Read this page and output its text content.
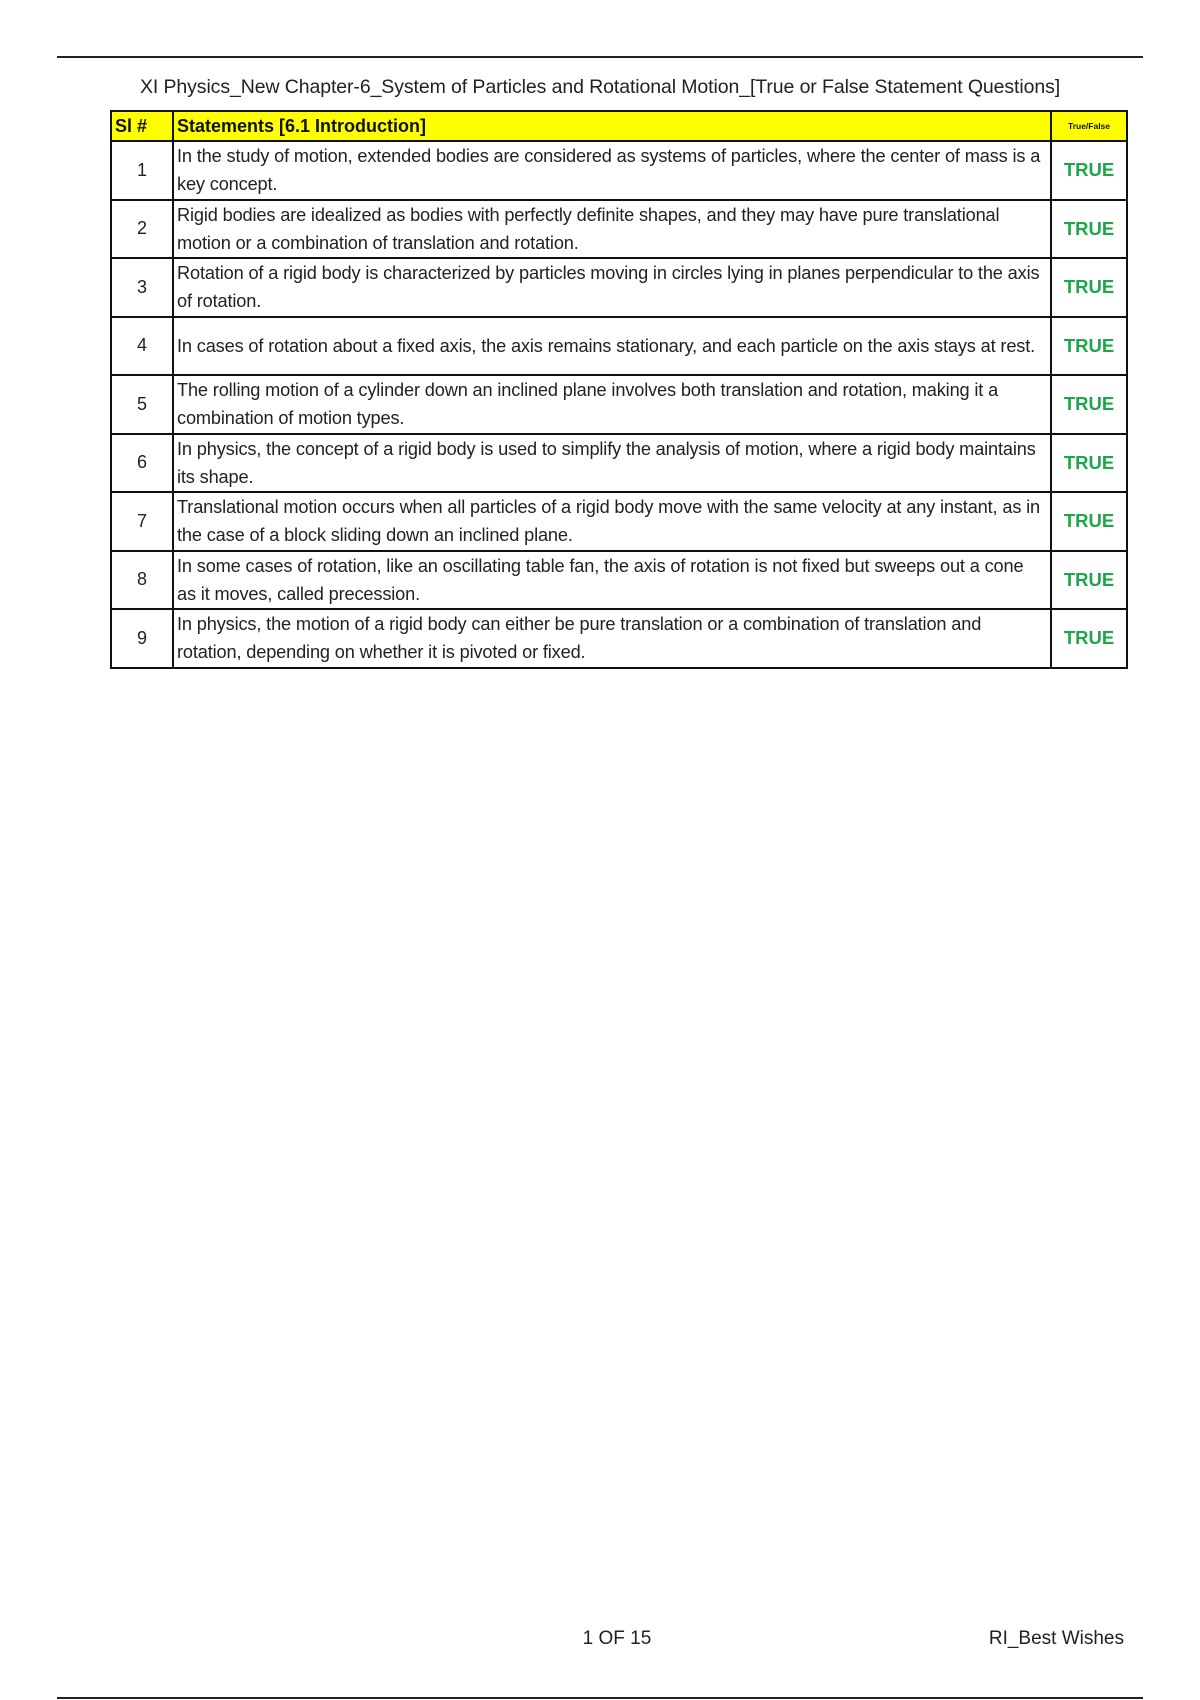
XI Physics_New Chapter-6_System of Particles and Rotational Motion_[True or False Statement Questions]
Sl #	Statements [6.1 Introduction]	True/False
1	In the study of motion, extended bodies are considered as systems of particles, where the center of mass is a key concept.	TRUE
2	Rigid bodies are idealized as bodies with perfectly definite shapes, and they may have pure translational motion or a combination of translation and rotation.	TRUE
3	Rotation of a rigid body is characterized by particles moving in circles lying in planes perpendicular to the axis of rotation.	TRUE
4	In cases of rotation about a fixed axis, the axis remains stationary, and each particle on the axis stays at rest.	TRUE
5	The rolling motion of a cylinder down an inclined plane involves both translation and rotation, making it a combination of motion types.	TRUE
6	In physics, the concept of a rigid body is used to simplify the analysis of motion, where a rigid body maintains its shape.	TRUE
7	Translational motion occurs when all particles of a rigid body move with the same velocity at any instant, as in the case of a block sliding down an inclined plane.	TRUE
8	In some cases of rotation, like an oscillating table fan, the axis of rotation is not fixed but sweeps out a cone as it moves, called precession.	TRUE
9	In physics, the motion of a rigid body can either be pure translation or a combination of translation and rotation, depending on whether it is pivoted or fixed.	TRUE
1 OF 15	RI_Best Wishes
